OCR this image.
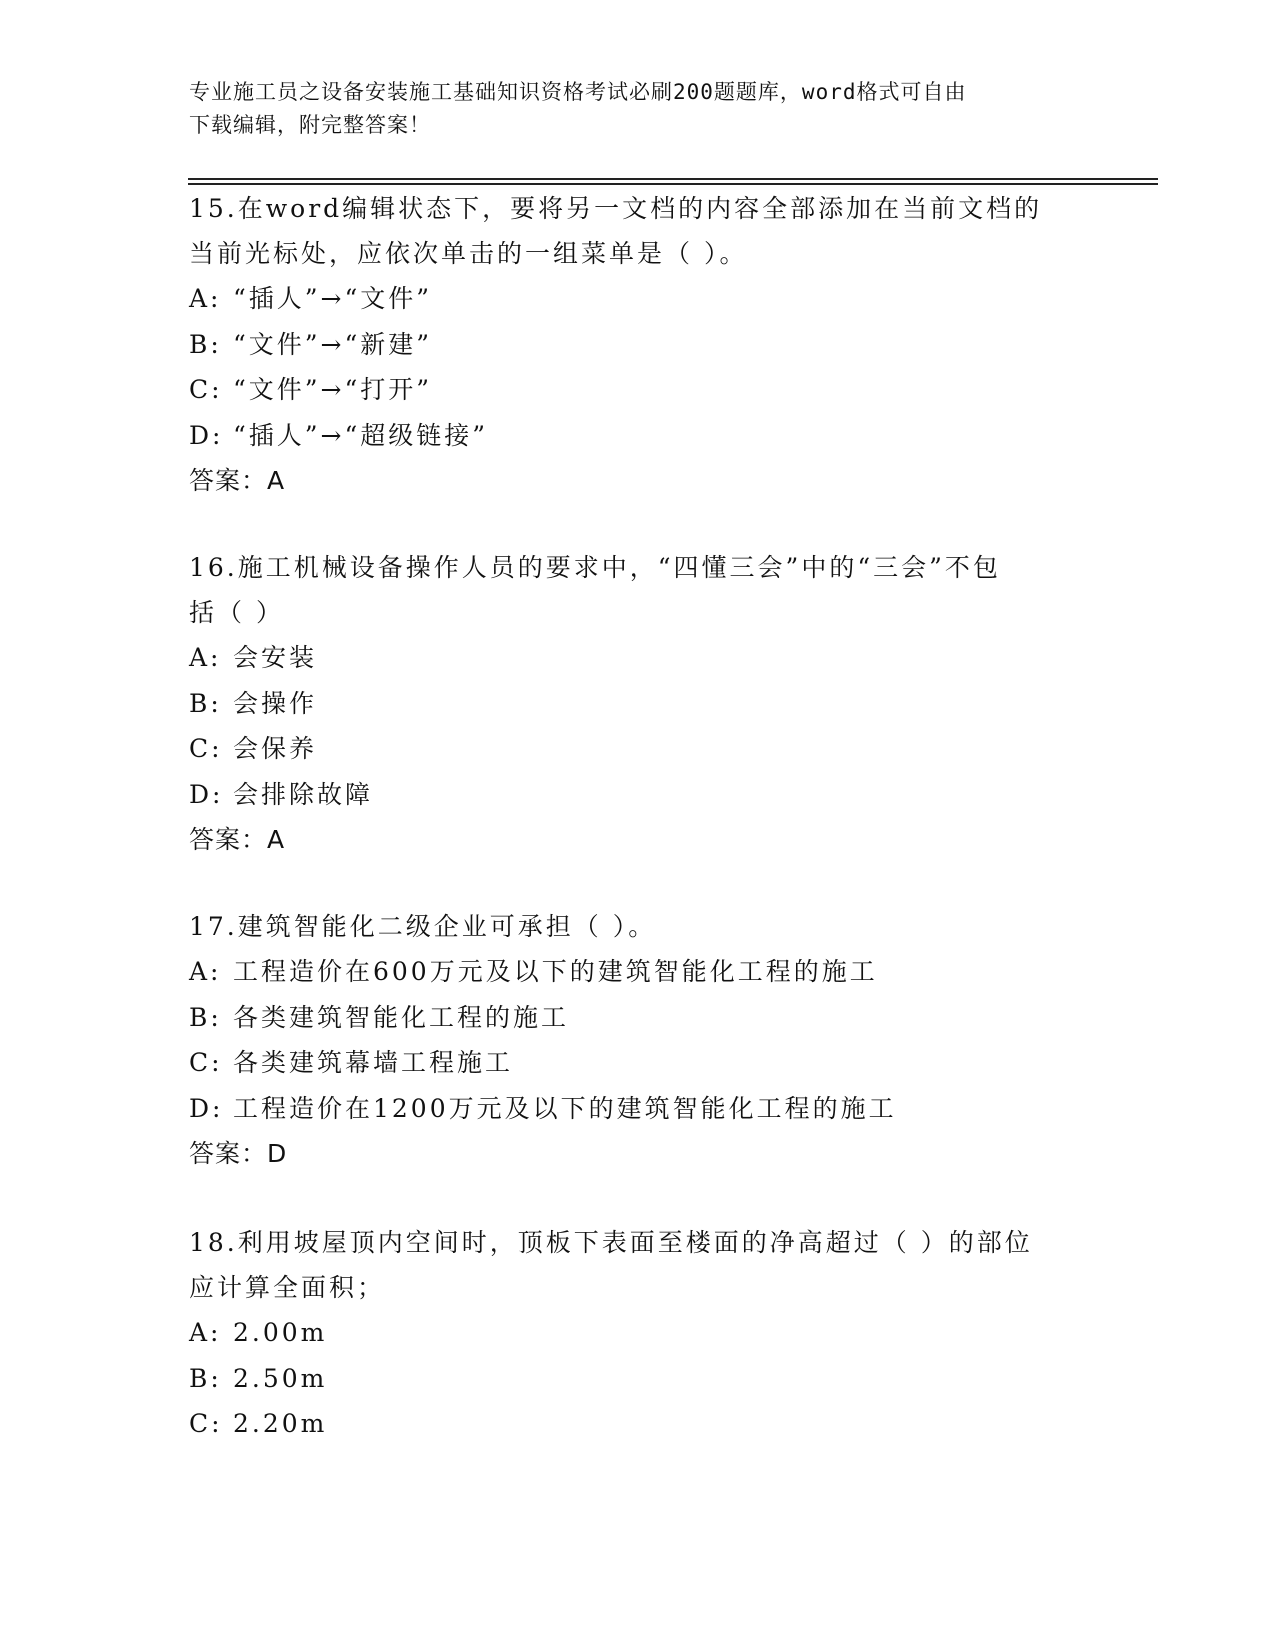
专业施工员之设备安装施工基础知识资格考试必刷200题题库，word格式可自由
下载编辑，附完整答案！

15.在word编辑状态下，要将另一文档的内容全部添加在当前文档的
当前光标处，应依次单击的一组菜单是（ ）。

A: “插人”→“文件”

B: “文件”→“新建”

C: “文件”→“打开”

D: “插人”→“超级链接”

答案：A

16.施工机械设备操作人员的要求中，“四懂三会”中的“三会”不包
括（ ）

A: 会安装

B: 会操作

C: 会保养

D: 会排除故障

答案：A

17.建筑智能化二级企业可承担（ ）。

A: 工程造价在600万元及以下的建筑智能化工程的施工

B: 各类建筑智能化工程的施工

C: 各类建筑幕墙工程施工

D: 工程造价在1200万元及以下的建筑智能化工程的施工

答案：D

18.利用坡屋顶内空间时，顶板下表面至楼面的净高超过（ ）的部位
应计算全面积；

A: 2.00m

B: 2.50m

C: 2.20m
